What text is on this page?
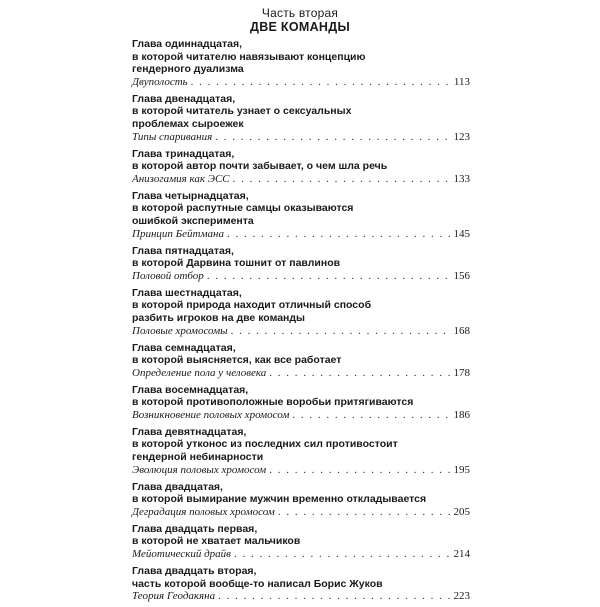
Часть вторая
ДВЕ КОМАНДЫ
Глава одиннадцатая,
в которой читателю навязывают концепцию
гендерного дуализма
Двуполость . . .	113
Глава двенадцатая,
в которой читатель узнает о сексуальных
проблемах сыроежек
Типы спаривания . . .	123
Глава тринадцатая,
в которой автор почти забывает, о чем шла речь
Анизогамия как ЭСС . . .	133
Глава четырнадцатая,
в которой распутные самцы оказываются
ошибкой эксперимента
Принцип Бейтмана . . .	145
Глава пятнадцатая,
в которой Дарвина тошнит от павлинов
Половой отбор . . .	156
Глава шестнадцатая,
в которой природа находит отличный способ
разбить игроков на две команды
Половые хромосомы . . .	168
Глава семнадцатая,
в которой выясняется, как все работает
Определение пола у человека . . .	178
Глава восемнадцатая,
в которой противоположные воробьи притягиваются
Возникновение половых хромосом . . .	186
Глава девятнадцатая,
в которой утконос из последних сил противостоит
гендерной небинарности
Эволюция половых хромосом . . .	195
Глава двадцатая,
в которой вымирание мужчин временно откладывается
Деградация половых хромосом . . .	205
Глава двадцать первая,
в которой не хватает мальчиков
Мейотический драйв . . .	214
Глава двадцать вторая,
часть которой вообще-то написал Борис Жуков
Теория Геодакяна . . .	223
